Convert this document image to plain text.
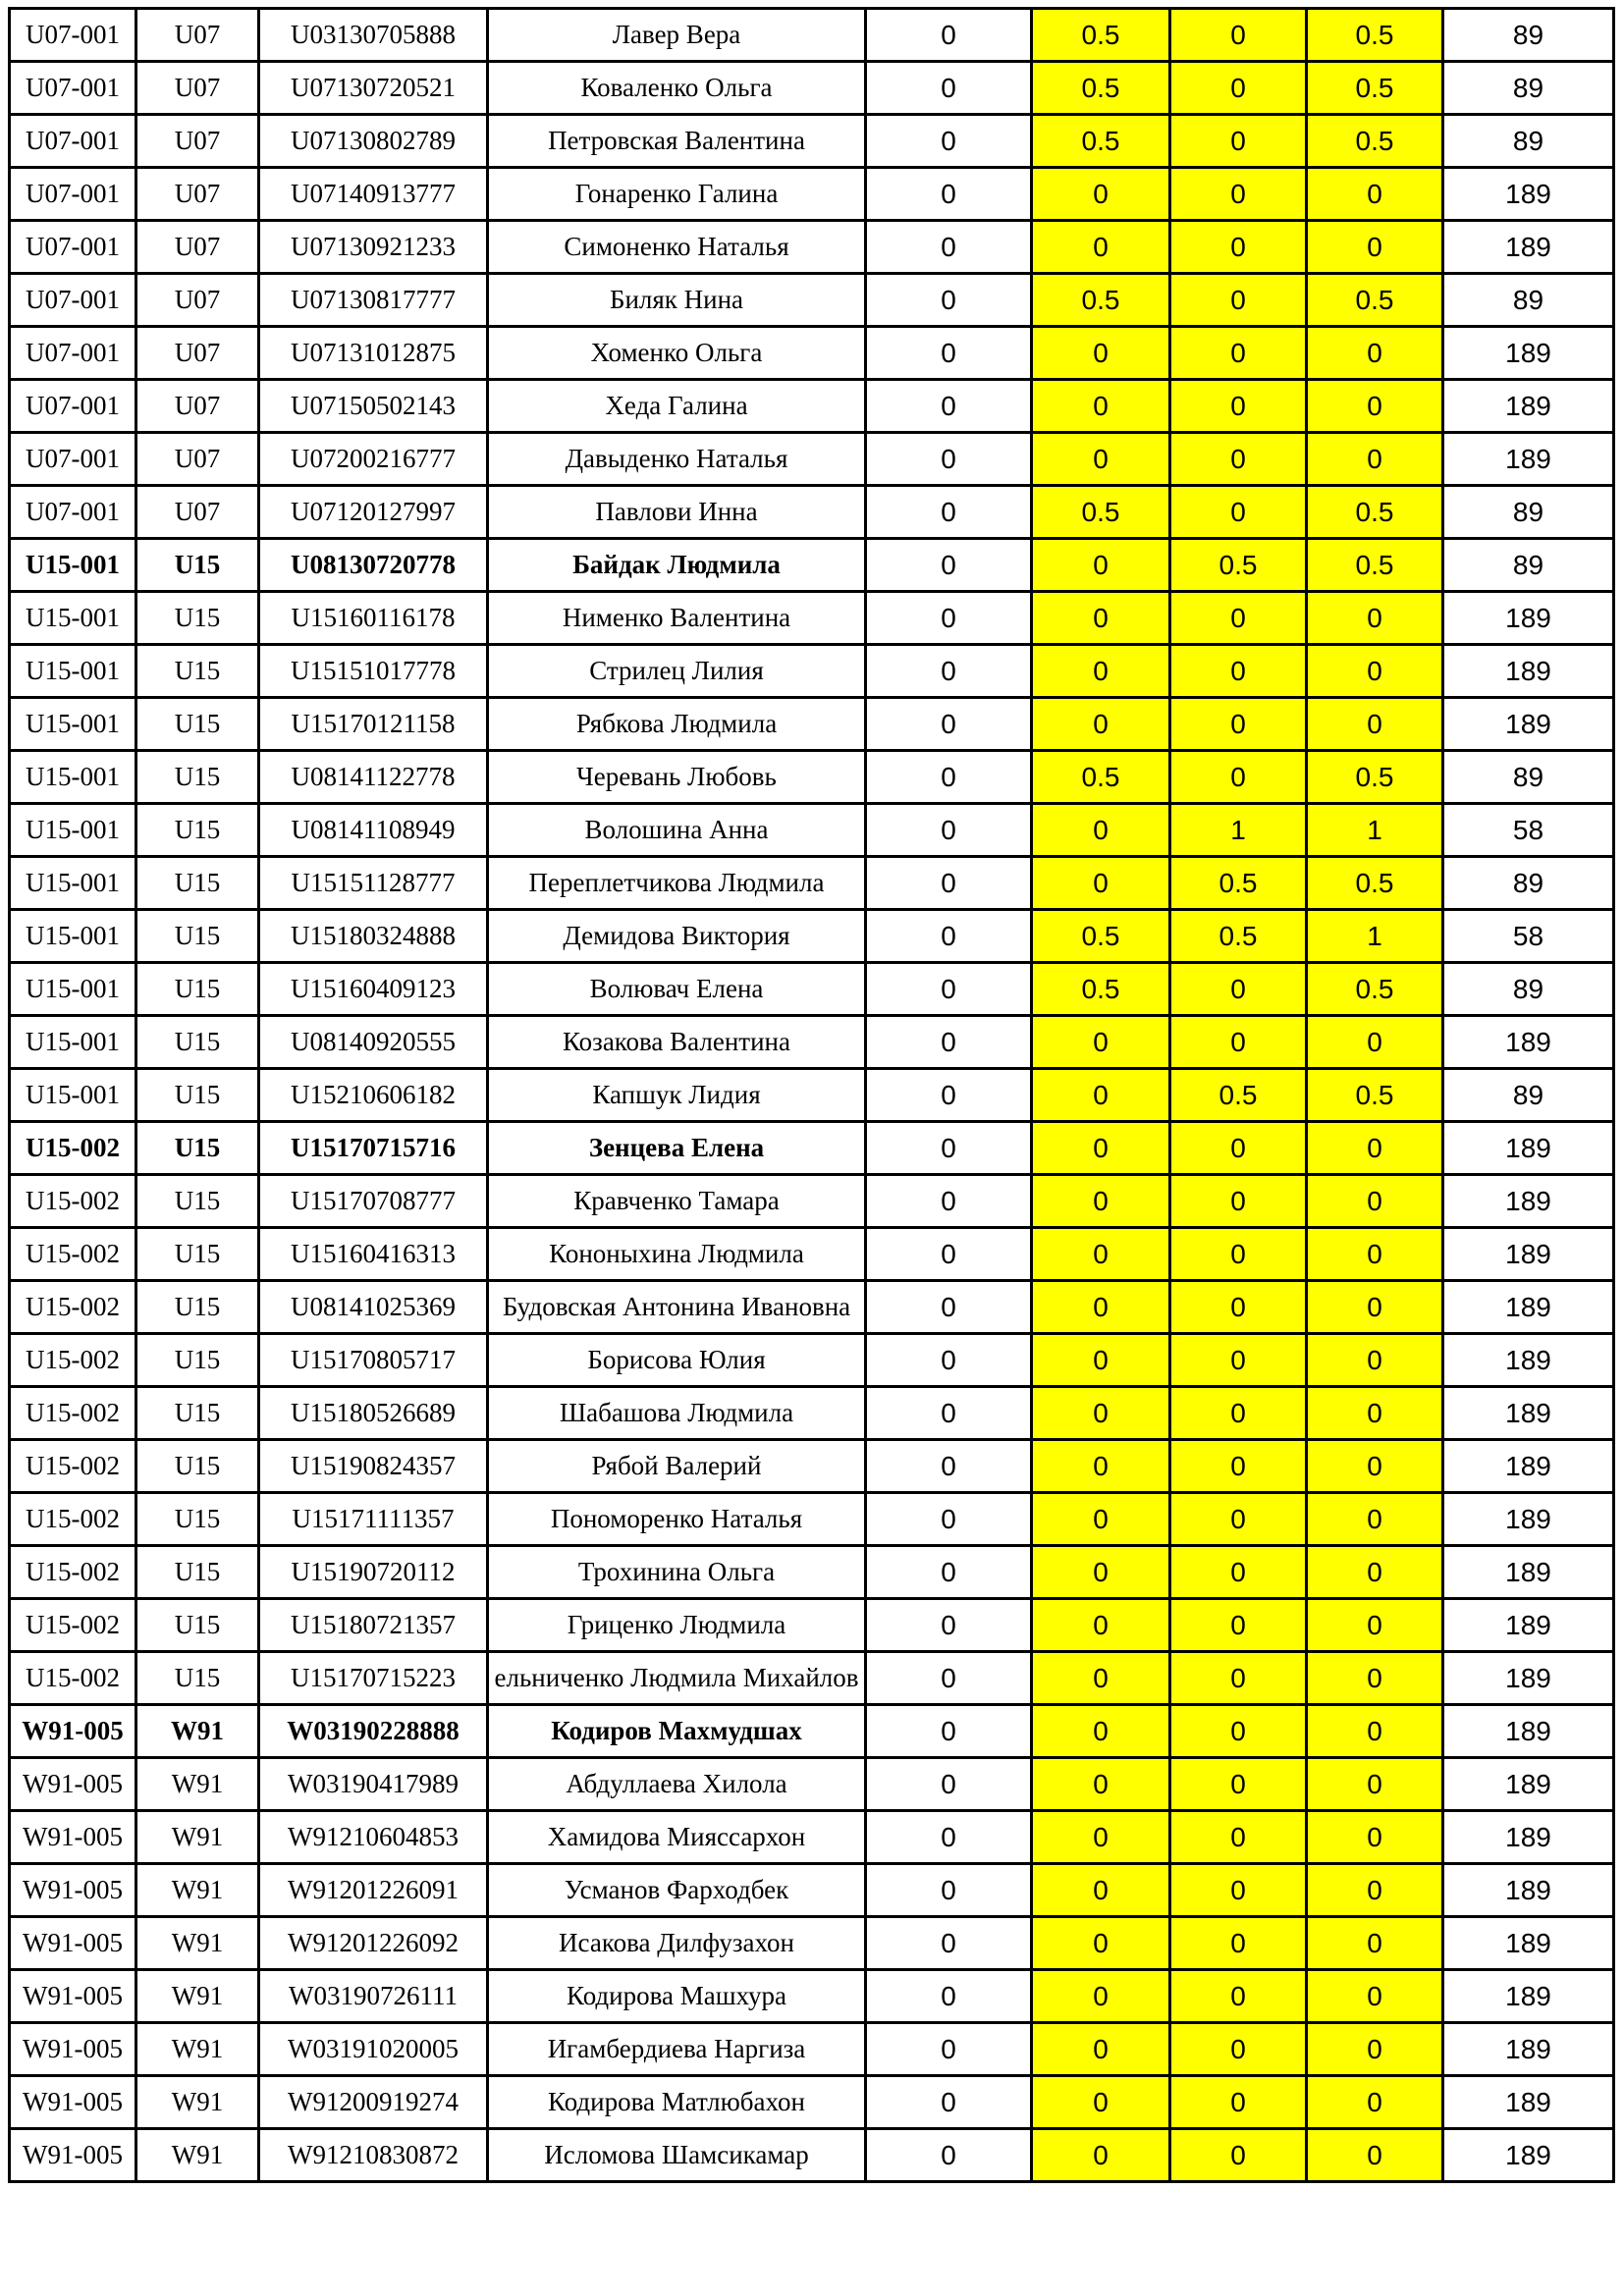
U07-001	U07	U03130705888	Лавер Вера	0	0.5	0	0.5	89
U07-001	U07	U07130720521	Коваленко Ольга	0	0.5	0	0.5	89
U07-001	U07	U07130802789	Петровская Валентина	0	0.5	0	0.5	89
U07-001	U07	U07140913777	Гонаренко Галина	0	0	0	0	189
U07-001	U07	U07130921233	Симоненко Наталья	0	0	0	0	189
U07-001	U07	U07130817777	Биляк Нина	0	0.5	0	0.5	89
U07-001	U07	U07131012875	Хоменко Ольга	0	0	0	0	189
U07-001	U07	U07150502143	Хеда Галина	0	0	0	0	189
U07-001	U07	U07200216777	Давыденко Наталья	0	0	0	0	189
U07-001	U07	U07120127997	Павлови Инна	0	0.5	0	0.5	89
U15-001	U15	U08130720778	Байдак Людмила	0	0	0.5	0.5	89
U15-001	U15	U15160116178	Нименко Валентина	0	0	0	0	189
U15-001	U15	U15151017778	Стрилец Лилия	0	0	0	0	189
U15-001	U15	U15170121158	Рябкова Людмила	0	0	0	0	189
U15-001	U15	U08141122778	Черевань Любовь	0	0.5	0	0.5	89
U15-001	U15	U08141108949	Волошина Анна	0	0	1	1	58
U15-001	U15	U15151128777	Переплетчикова Людмила	0	0	0.5	0.5	89
U15-001	U15	U15180324888	Демидова Виктория	0	0.5	0.5	1	58
U15-001	U15	U15160409123	Волювач Елена	0	0.5	0	0.5	89
U15-001	U15	U08140920555	Козакова Валентина	0	0	0	0	189
U15-001	U15	U15210606182	Капшук Лидия	0	0	0.5	0.5	89
U15-002	U15	U15170715716	Зенцева Елена	0	0	0	0	189
U15-002	U15	U15170708777	Кравченко Тамара	0	0	0	0	189
U15-002	U15	U15160416313	Кононыхина Людмила	0	0	0	0	189
U15-002	U15	U08141025369	Будовская Антонина Ивановна	0	0	0	0	189
U15-002	U15	U15170805717	Борисова Юлия	0	0	0	0	189
U15-002	U15	U15180526689	Шабашова Людмила	0	0	0	0	189
U15-002	U15	U15190824357	Рябой Валерий	0	0	0	0	189
U15-002	U15	U15171111357	Пономоренко Наталья	0	0	0	0	189
U15-002	U15	U15190720112	Трохинина Ольга	0	0	0	0	189
U15-002	U15	U15180721357	Гриценко Людмила	0	0	0	0	189
U15-002	U15	U15170715223	ельниченко Людмила Михайлов	0	0	0	0	189
W91-005	W91	W03190228888	Кодиров Махмудшах	0	0	0	0	189
W91-005	W91	W03190417989	Абдуллаева Хилола	0	0	0	0	189
W91-005	W91	W91210604853	Хамидова Мияссархон	0	0	0	0	189
W91-005	W91	W91201226091	Усманов Фарходбек	0	0	0	0	189
W91-005	W91	W91201226092	Исакова Дилфузахон	0	0	0	0	189
W91-005	W91	W03190726111	Кодирова Машхура	0	0	0	0	189
W91-005	W91	W03191020005	Игамбердиева Наргиза	0	0	0	0	189
W91-005	W91	W91200919274	Кодирова Матлюбахон	0	0	0	0	189
W91-005	W91	W91210830872	Исломова Шамсикамар	0	0	0	0	189
